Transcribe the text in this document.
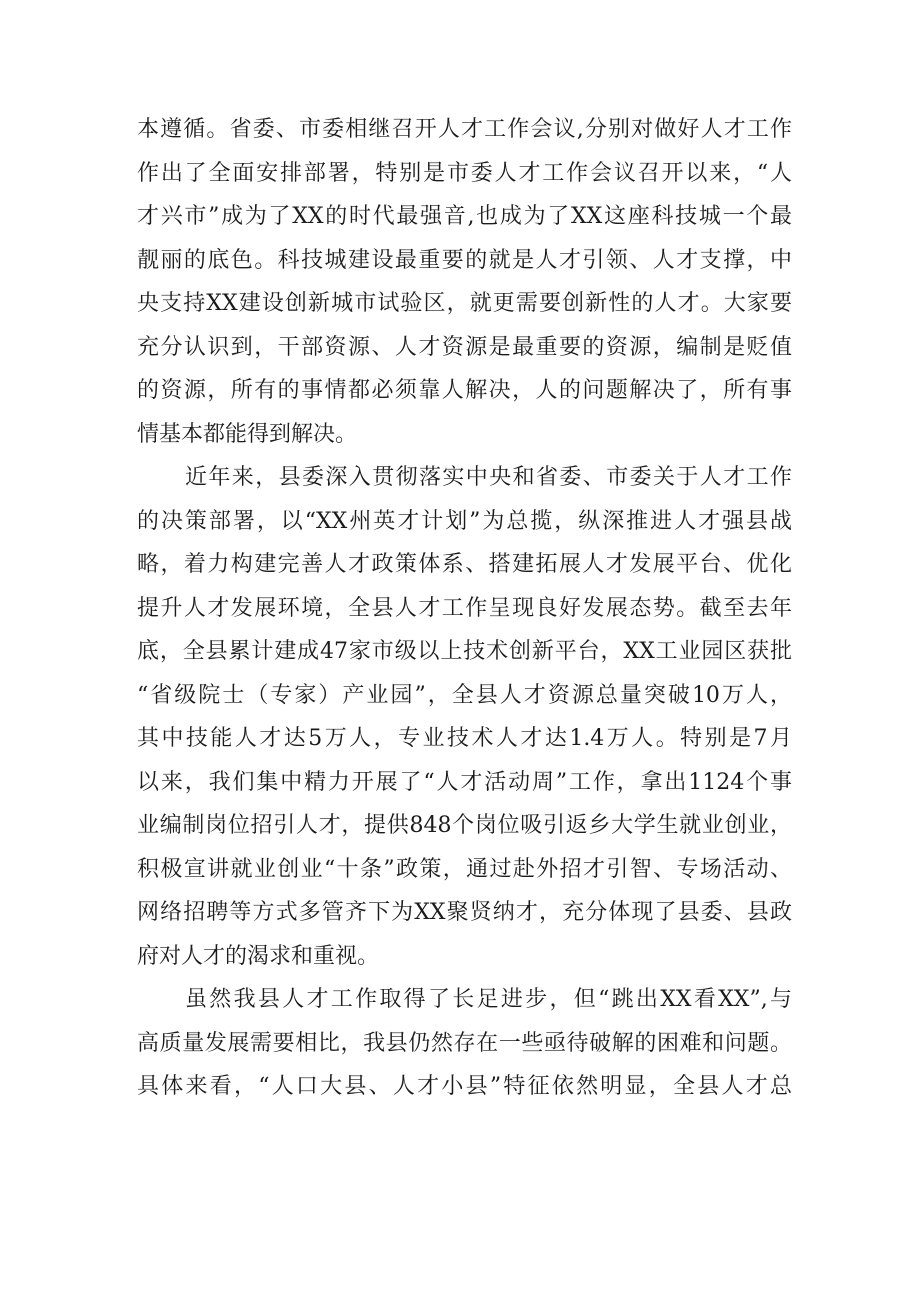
本遵循。省委、市委相继召开人才工作会议,分别对做好人才工作
作出了全面安排部署，特别是市委人才工作会议召开以来，“人
才兴市”成为了XX的时代最强音,也成为了XX这座科技城一个最
靓丽的底色。科技城建设最重要的就是人才引领、人才支撑，中
央支持XX建设创新城市试验区，就更需要创新性的人才。大家要
充分认识到，干部资源、人才资源是最重要的资源，编制是贬值
的资源，所有的事情都必须靠人解决，人的问题解决了，所有事
情基本都能得到解决。
近年来，县委深入贯彻落实中央和省委、市委关于人才工作
的决策部署，以“XX州英才计划”为总揽，纵深推进人才强县战
略，着力构建完善人才政策体系、搭建拓展人才发展平台、优化
提升人才发展环境，全县人才工作呈现良好发展态势。截至去年
底，全县累计建成47家市级以上技术创新平台，XX工业园区获批
“省级院士（专家）产业园”，全县人才资源总量突破10万人，
其中技能人才达5万人，专业技术人才达1.4万人。特别是7月
以来，我们集中精力开展了“人才活动周”工作，拿出1124个事
业编制岗位招引人才，提供848个岗位吸引返乡大学生就业创业，
积极宣讲就业创业“十条”政策，通过赴外招才引智、专场活动、
网络招聘等方式多管齐下为XX聚贤纳才，充分体现了县委、县政
府对人才的渴求和重视。
虽然我县人才工作取得了长足进步，但“跳出XX看XX”,与
高质量发展需要相比，我县仍然存在一些亟待破解的困难和问题。
具体来看，“人口大县、人才小县”特征依然明显，全县人才总
